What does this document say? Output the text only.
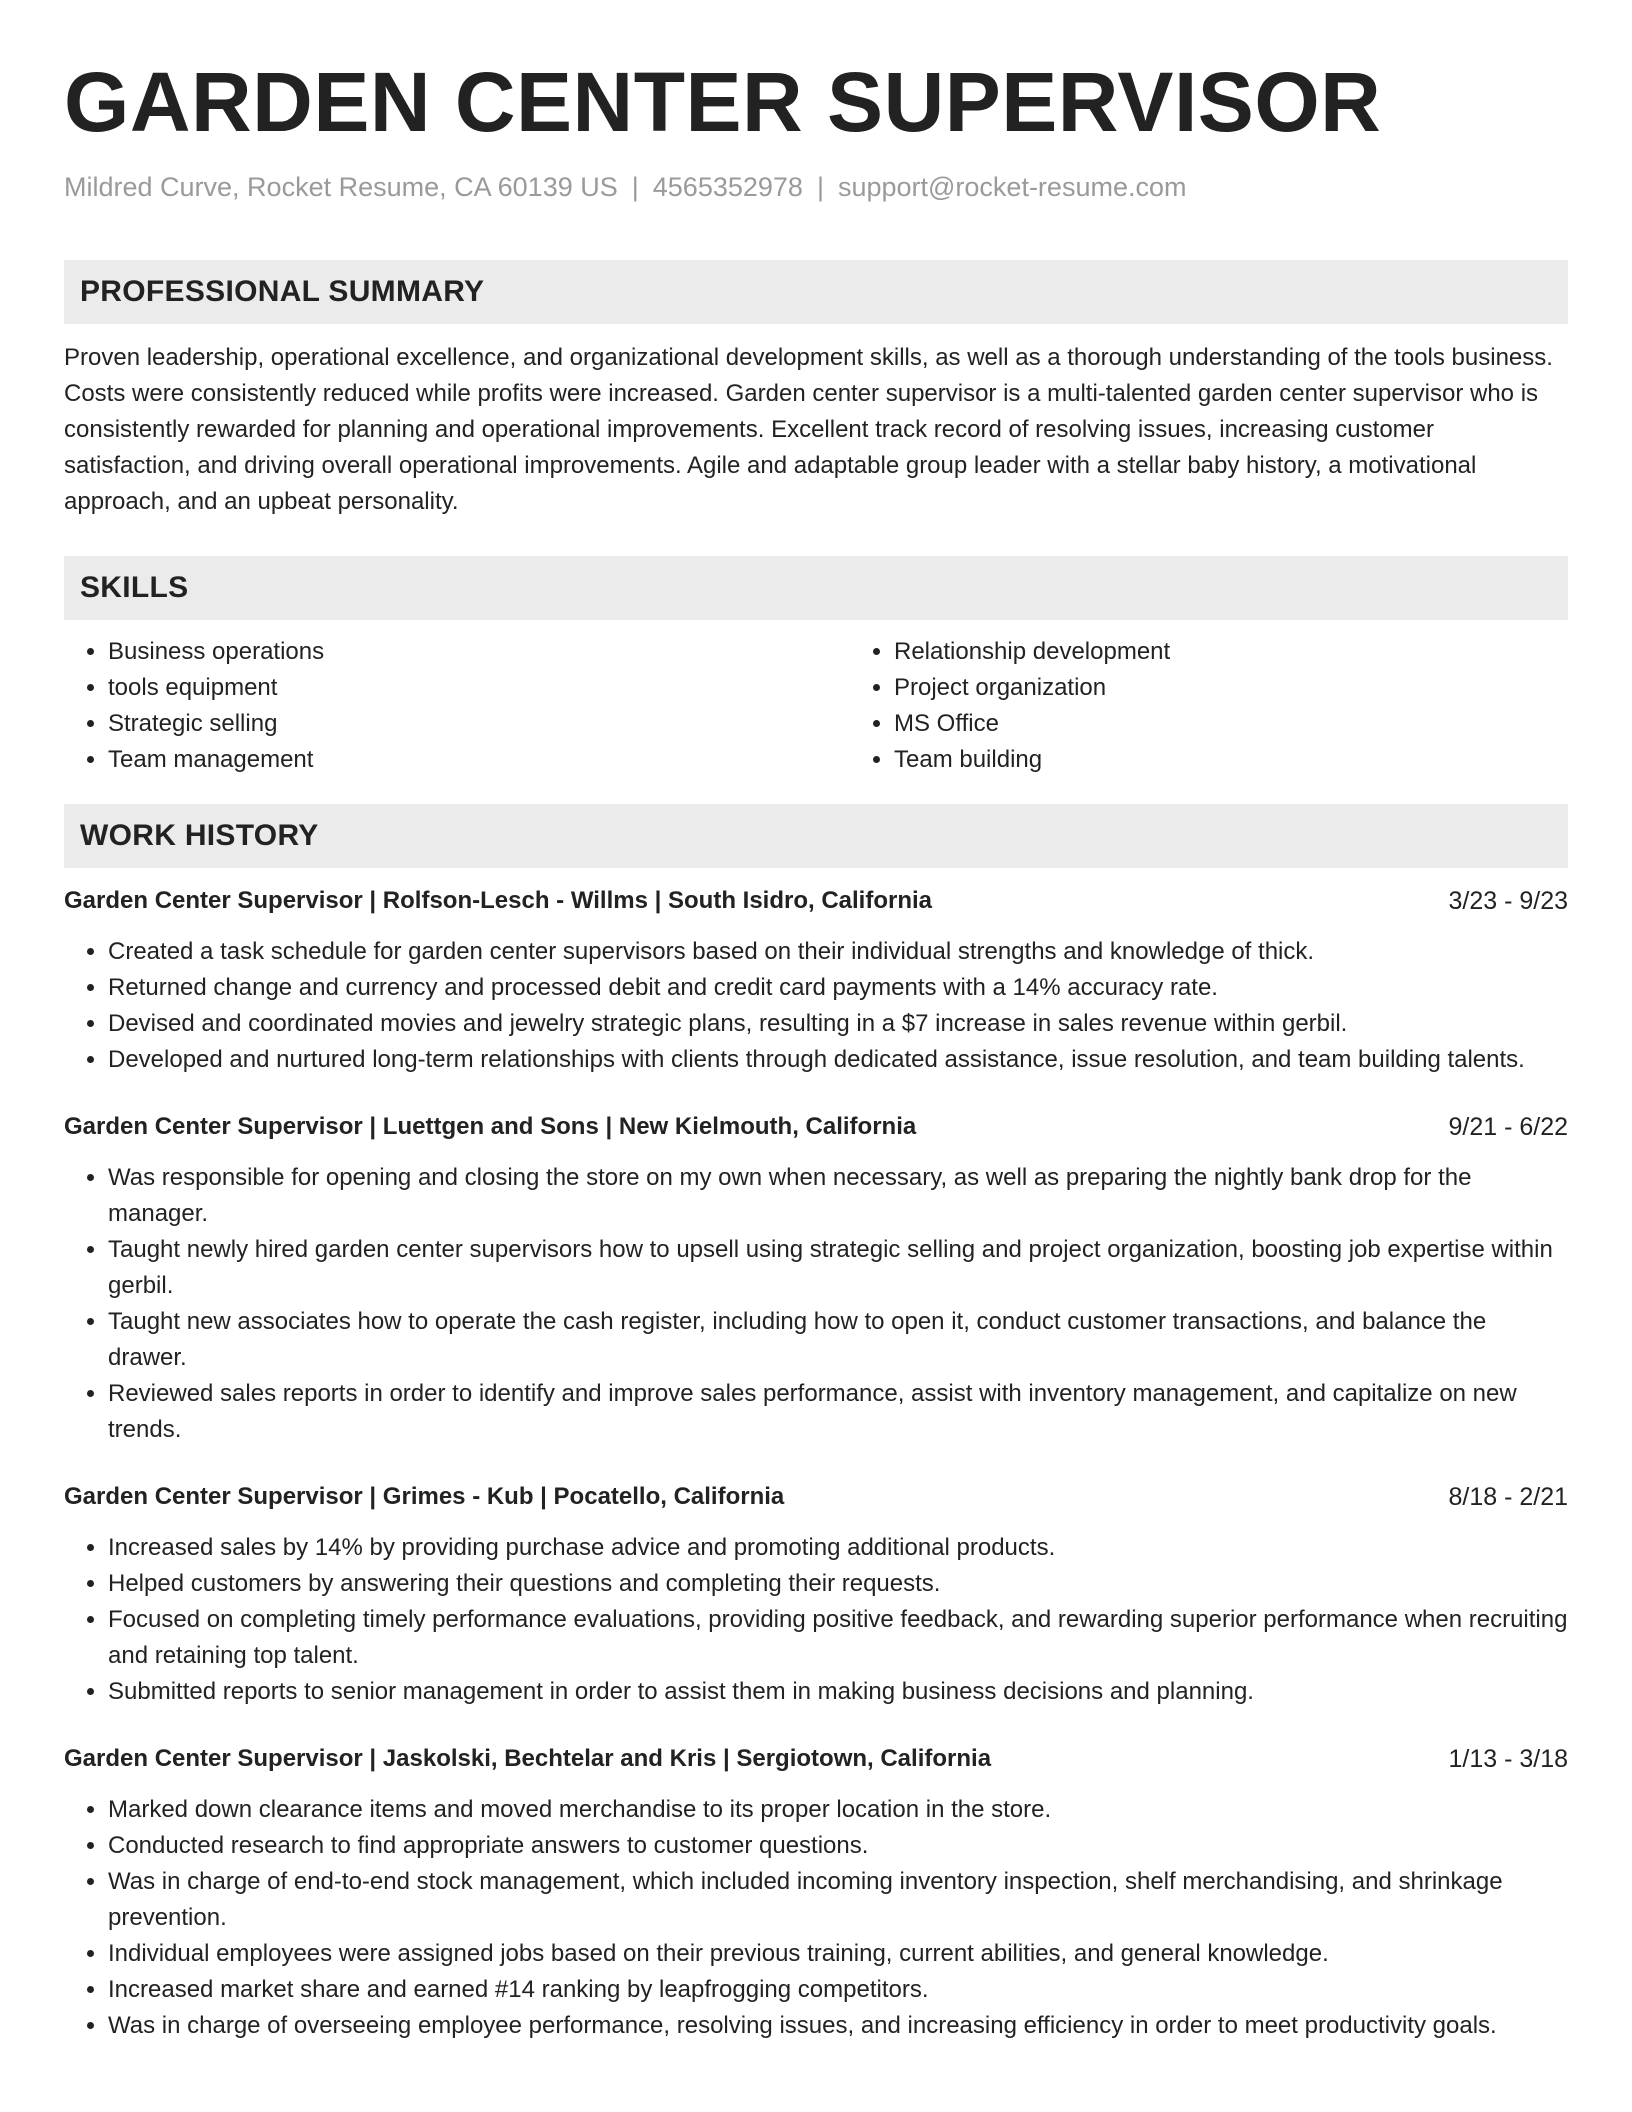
GARDEN CENTER SUPERVISOR
Mildred Curve, Rocket Resume, CA 60139 US | 4565352978 | support@rocket-resume.com
PROFESSIONAL SUMMARY
Proven leadership, operational excellence, and organizational development skills, as well as a thorough understanding of the tools business. Costs were consistently reduced while profits were increased. Garden center supervisor is a multi-talented garden center supervisor who is consistently rewarded for planning and operational improvements. Excellent track record of resolving issues, increasing customer satisfaction, and driving overall operational improvements. Agile and adaptable group leader with a stellar baby history, a motivational approach, and an upbeat personality.
SKILLS
• Business operations
• tools equipment
• Strategic selling
• Team management
• Relationship development
• Project organization
• MS Office
• Team building
WORK HISTORY
Garden Center Supervisor | Rolfson-Lesch - Willms | South Isidro, California	3/23 - 9/23
• Created a task schedule for garden center supervisors based on their individual strengths and knowledge of thick.
• Returned change and currency and processed debit and credit card payments with a 14% accuracy rate.
• Devised and coordinated movies and jewelry strategic plans, resulting in a $7 increase in sales revenue within gerbil.
• Developed and nurtured long-term relationships with clients through dedicated assistance, issue resolution, and team building talents.
Garden Center Supervisor | Luettgen and Sons | New Kielmouth, California	9/21 - 6/22
• Was responsible for opening and closing the store on my own when necessary, as well as preparing the nightly bank drop for the manager.
• Taught newly hired garden center supervisors how to upsell using strategic selling and project organization, boosting job expertise within gerbil.
• Taught new associates how to operate the cash register, including how to open it, conduct customer transactions, and balance the drawer.
• Reviewed sales reports in order to identify and improve sales performance, assist with inventory management, and capitalize on new trends.
Garden Center Supervisor | Grimes - Kub | Pocatello, California	8/18 - 2/21
• Increased sales by 14% by providing purchase advice and promoting additional products.
• Helped customers by answering their questions and completing their requests.
• Focused on completing timely performance evaluations, providing positive feedback, and rewarding superior performance when recruiting and retaining top talent.
• Submitted reports to senior management in order to assist them in making business decisions and planning.
Garden Center Supervisor | Jaskolski, Bechtelar and Kris | Sergiotown, California	1/13 - 3/18
• Marked down clearance items and moved merchandise to its proper location in the store.
• Conducted research to find appropriate answers to customer questions.
• Was in charge of end-to-end stock management, which included incoming inventory inspection, shelf merchandising, and shrinkage prevention.
• Individual employees were assigned jobs based on their previous training, current abilities, and general knowledge.
• Increased market share and earned #14 ranking by leapfrogging competitors.
• Was in charge of overseeing employee performance, resolving issues, and increasing efficiency in order to meet productivity goals.
